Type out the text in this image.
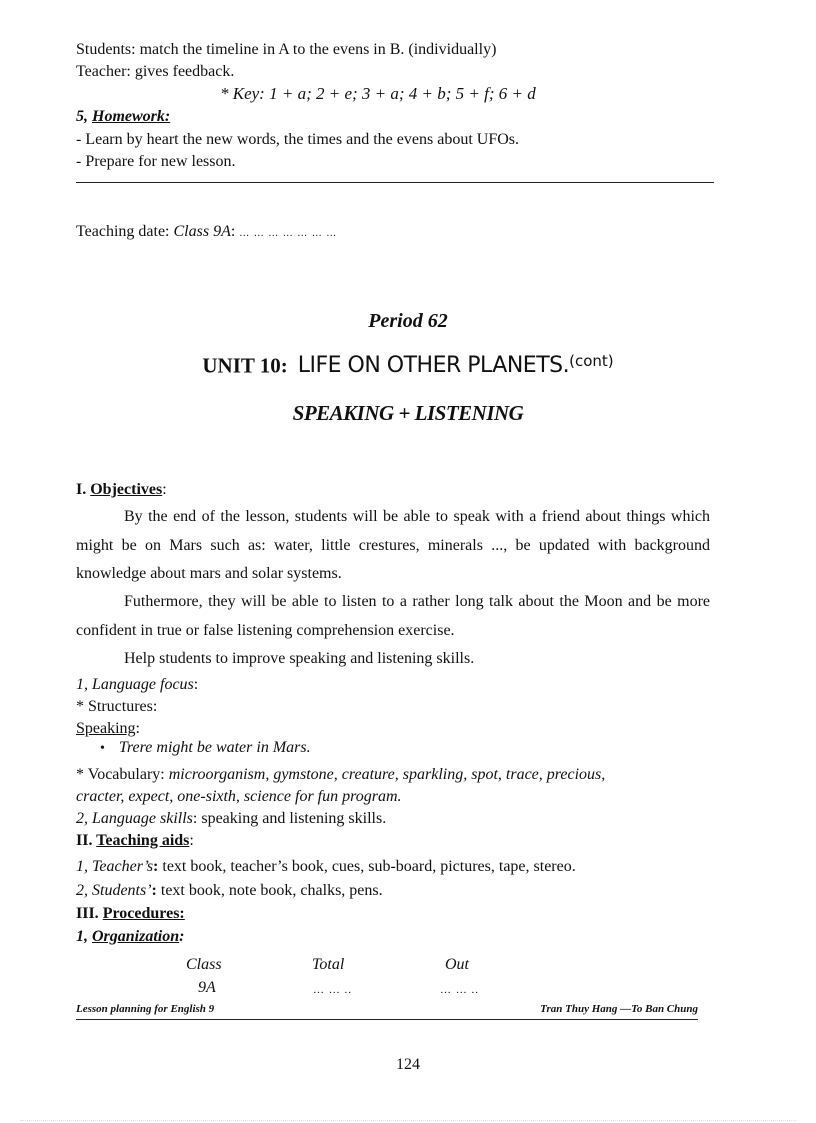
Students: match the timeline in A to the evens in B. (individually)
Teacher: gives feedback.
* Key: 1 + a; 2 + e; 3 + a; 4 + b; 5 + f; 6 + d
5, Homework:
- Learn by heart the new words, the times and the evens about UFOs.
- Prepare for new lesson.
Teaching date: Class 9A: … … … … … … …
Period 62
UNIT 10: LIFE ON OTHER PLANETS.$^{(cont)}$
SPEAKING + LISTENING
I. Objectives:
By the end of the lesson, students will be able to speak with a friend about things which might be on Mars such as: water, little crestures, minerals ..., be updated with background knowledge about mars and solar systems.
Futhermore, they will be able to listen to a rather long talk about the Moon and be more confident in true or false listening comprehension exercise.
Help students to improve speaking and listening skills.
1, Language focus:
* Structures:
Speaking:
• Trere might be water in Mars.
* Vocabulary: microorganism, gymstone, creature, sparkling, spot, trace, precious,
cracter, expect, one-sixth, science for fun program.
2, Language skills: speaking and listening skills.
II. Teaching aids:
1, Teacher’s: text book, teacher’s book, cues, sub-board, pictures, tape, stereo.
2, Students’: text book, note book, chalks, pens.
III. Procedures:
1, Organization:
Class	Total	Out
9A	… … ..	… … ..
Lesson planning for English 9	Tran Thuy Hang —To Ban Chung
124
